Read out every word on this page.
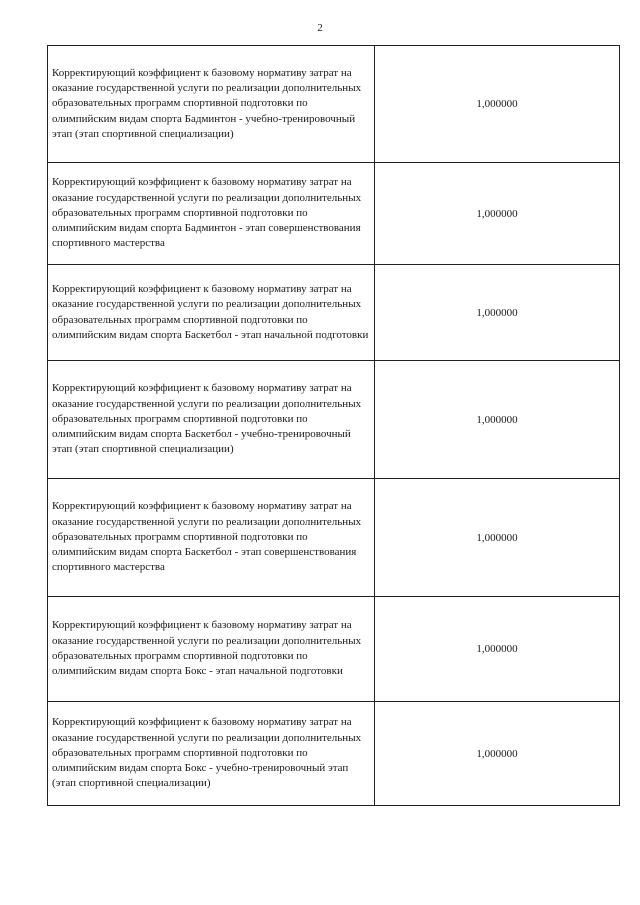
2
Корректирующий коэффициент к базовому нормативу затрат на оказание государственной услуги по реализации дополнительных образовательных программ спортивной подготовки по олимпийским видам спорта Бадминтон - учебно-тренировочный этап (этап спортивной специализации)	1,000000
Корректирующий коэффициент к базовому нормативу затрат на оказание государственной услуги по реализации дополнительных образовательных программ спортивной подготовки по олимпийским видам спорта Бадминтон - этап совершенствования спортивного мастерства	1,000000
Корректирующий коэффициент к базовому нормативу затрат на оказание государственной услуги по реализации дополнительных образовательных программ спортивной подготовки по олимпийским видам спорта Баскетбол - этап начальной подготовки	1,000000
Корректирующий коэффициент к базовому нормативу затрат на оказание государственной услуги по реализации дополнительных образовательных программ спортивной подготовки по олимпийским видам спорта Баскетбол - учебно-тренировочный этап (этап спортивной специализации)	1,000000
Корректирующий коэффициент к базовому нормативу затрат на оказание государственной услуги по реализации дополнительных образовательных программ спортивной подготовки по олимпийским видам спорта Баскетбол - этап совершенствования спортивного мастерства	1,000000
Корректирующий коэффициент к базовому нормативу затрат на оказание государственной услуги по реализации дополнительных образовательных программ спортивной подготовки по олимпийским видам спорта Бокс - этап начальной подготовки	1,000000
Корректирующий коэффициент к базовому нормативу затрат на оказание государственной услуги по реализации дополнительных образовательных программ спортивной подготовки по олимпийским видам спорта Бокс - учебно-тренировочный этап (этап спортивной специализации)	1,000000
